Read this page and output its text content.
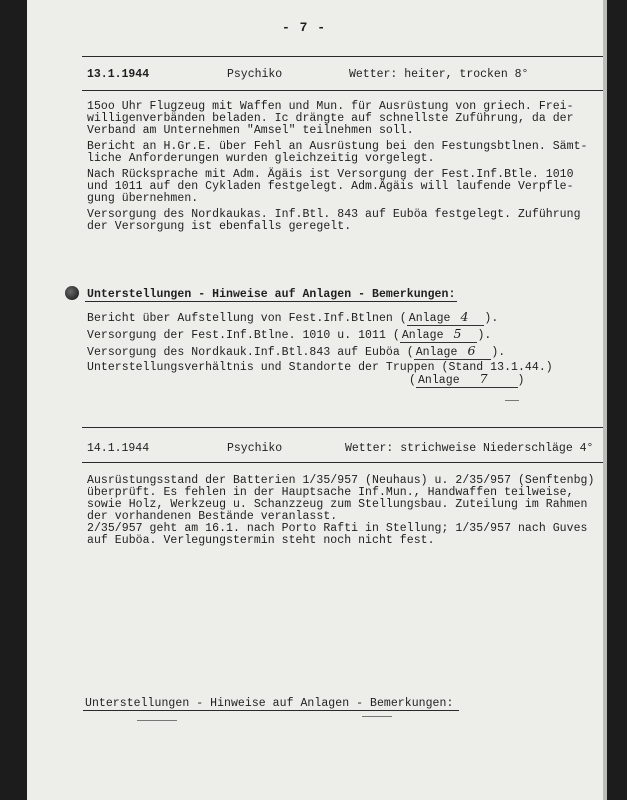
- 7 -
13.1.1944	Psychiko	Wetter: heiter, trocken 8°
15oo Uhr Flugzeug mit Waffen und Mun. für Ausrüstung von griech. Frei-
willigenverbänden beladen. Ic drängte auf schnellste Zuführung, da der
Verband am Unternehmen "Amsel" teilnehmen soll.
Bericht an H.Gr.E. über Fehl an Ausrüstung bei den Festungsbtlnen. Sämt-
liche Anforderungen wurden gleichzeitig vorgelegt.
Nach Rücksprache mit Adm. Ägäis ist Versorgung der Fest.Inf.Btle. 1010
und 1011 auf den Cykladen festgelegt. Adm.Ägäis will laufende Verpfle-
gung übernehmen.
Versorgung des Nordkaukas. Inf.Btl. 843 auf Euböa festgelegt. Zuführung
der Versorgung ist ebenfalls geregelt.
Unterstellungen - Hinweise auf Anlagen - Bemerkungen:
Bericht über Aufstellung von Fest.Inf.Btlnen ( Anlage 4 ).
Versorgung der Fest.Inf.Btlne. 1010 u. 1011 ( Anlage 5 ).
Versorgung des Nordkauk.Inf.Btl.843 auf Euböa ( Anlage 6 ).
Unterstellungsverhältnis und Standorte der Truppen (Stand 13.1.44.)
( Anlage 7	)
14.1.1944	Psychiko	Wetter: strichweise Niederschläge 4°
Ausrüstungsstand der Batterien 1/35/957 (Neuhaus) u. 2/35/957 (Senftenbg)
überprüft. Es fehlen in der Hauptsache Inf.Mun., Handwaffen teilweise,
sowie Holz, Werkzeug u. Schanzzeug zum Stellungsbau. Zuteilung im Rahmen
der vorhandenen Bestände veranlasst.
2/35/957 geht am 16.1. nach Porto Rafti in Stellung; 1/35/957 nach Guves
auf Euböa. Verlegungstermin steht noch nicht fest.
Unterstellungen - Hinweise auf Anlagen - Bemerkungen:
